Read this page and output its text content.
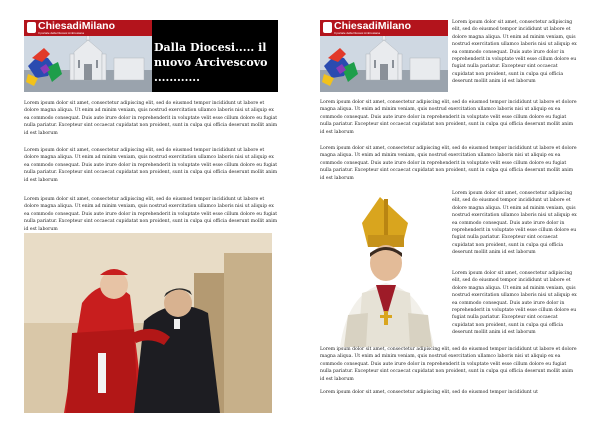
ChiesadiMilano
Il portale della Diocesi Ambrosiana
Dalla Diocesi..... il nuovo Arcivescovo ............

Lorem ipsum dolor sit amet, consectetur adipiscing elit, sed do eiusmod tempor incididunt ut labore et dolore magna aliqua. Ut enim ad minim veniam, quis nostrud exercitation ullamco laboris nisi ut aliquip ex ea commodo consequat. Duis aute irure dolor in reprehenderit in voluptate velit esse cillum dolore eu fugiat nulla pariatur. Excepteur sint occaecat cupidatat non proident, sunt in culpa qui officia deserunt mollit anim id est laborum

Lorem ipsum dolor sit amet, consectetur adipiscing elit, sed do eiusmod tempor incididunt ut labore et dolore magna aliqua. Ut enim ad minim veniam, quis nostrud exercitation ullamco laboris nisi ut aliquip ex ea commodo consequat. Duis aute irure dolor in reprehenderit in voluptate velit esse cillum dolore eu fugiat nulla pariatur. Excepteur sint occaecat cupidatat non proident, sunt in culpa qui officia deserunt mollit anim id est laborum

Lorem ipsum dolor sit amet, consectetur adipiscing elit, sed do eiusmod tempor incididunt ut labore et dolore magna aliqua. Ut enim ad minim veniam, quis nostrud exercitation ullamco laboris nisi ut aliquip ex ea commodo consequat. Duis aute irure dolor in reprehenderit in voluptate velit esse cillum dolore eu fugiat nulla pariatur. Excepteur sint occaecat cupidatat non proident, sunt in culpa qui officia deserunt mollit anim id est laborum

ChiesadiMilano
Il portale della Diocesi Ambrosiana

Lorem ipsum dolor sit amet, consectetur adipiscing elit, sed do eiusmod tempor incididunt ut labore et dolore magna aliqua. Ut enim ad minim veniam, quis nostrud exercitation ullamco laboris nisi ut aliquip ex ea commodo consequat. Duis aute irure dolor in reprehenderit in voluptate velit esse cillum dolore eu fugiat nulla pariatur. Excepteur sint occaecat cupidatat non proident, sunt in culpa qui officia deserunt mollit anim id est laborum

Lorem ipsum dolor sit amet, consectetur adipiscing elit, sed do eiusmod tempor incididunt ut labore et dolore magna aliqua. Ut enim ad minim veniam, quis nostrud exercitation ullamco laboris nisi ut aliquip ex ea commodo consequat. Duis aute irure dolor in reprehenderit in voluptate velit esse cillum dolore eu fugiat nulla pariatur. Excepteur sint occaecat cupidatat non proident, sunt in culpa qui officia deserunt mollit anim id est laborum

Lorem ipsum dolor sit amet, consectetur adipiscing elit, sed do eiusmod tempor incididunt ut labore et dolore magna aliqua. Ut enim ad minim veniam, quis nostrud exercitation ullamco laboris nisi ut aliquip ex ea commodo consequat. Duis aute irure dolor in reprehenderit in voluptate velit esse cillum dolore eu fugiat nulla pariatur. Excepteur sint occaecat cupidatat non proident, sunt in culpa qui officia deserunt mollit anim id est laborum

Lorem ipsum dolor sit amet, consectetur adipiscing elit, sed do eiusmod tempor incididunt ut labore et dolore magna aliqua. Ut enim ad minim veniam, quis nostrud exercitation ullamco laboris nisi ut aliquip ex ea commodo consequat. Duis aute irure dolor in reprehenderit in voluptate velit esse cillum dolore eu fugiat nulla pariatur. Excepteur sint occaecat cupidatat non proident, sunt in culpa qui officia deserunt mollit anim id est laborum

Lorem ipsum dolor sit amet, consectetur adipiscing elit, sed do eiusmod tempor incididunt ut labore et dolore magna aliqua. Ut enim ad minim veniam, quis nostrud exercitation ullamco laboris nisi ut aliquip ex ea commodo consequat. Duis aute irure dolor in reprehenderit in voluptate velit esse cillum dolore eu fugiat nulla pariatur. Excepteur sint occaecat cupidatat non proident, sunt in culpa qui officia deserunt mollit anim id est laborum

Lorem ipsum dolor sit amet, consectetur adipiscing elit, sed do eiusmod tempor incididunt ut labore et dolore magna aliqua. Ut enim ad minim veniam, quis nostrud exercitation ullamco laboris nisi ut aliquip ex ea commodo consequat. Duis aute irure dolor in reprehenderit in voluptate velit esse cillum dolore eu fugiat nulla pariatur. Excepteur sint occaecat cupidatat non proident, sunt in culpa qui officia deserunt mollit anim id est laborum

Lorem ipsum dolor sit amet, consectetur adipiscing elit, sed do eiusmod tempor incididunt ut
